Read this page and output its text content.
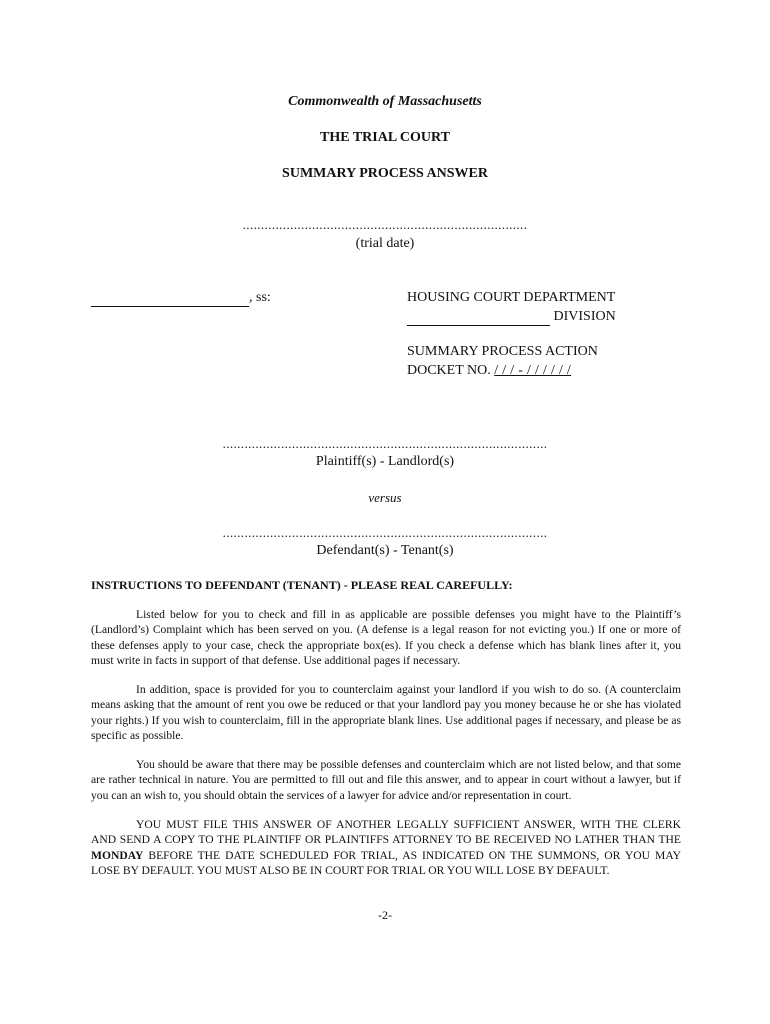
Commonwealth of Massachusetts
THE TRIAL COURT
SUMMARY PROCESS ANSWER
..............................................................................
(trial date)
, ss:	HOUSING COURT DEPARTMENT
DIVISION
SUMMARY PROCESS ACTION
DOCKET NO. / / / - / / / / / /
.........................................................................................
Plaintiff(s) - Landlord(s)
versus
.........................................................................................
Defendant(s) - Tenant(s)
INSTRUCTIONS TO DEFENDANT (TENANT) - PLEASE REAL CAREFULLY:
Listed below for you to check and fill in as applicable are possible defenses you might have to the Plaintiff’s (Landlord’s) Complaint which has been served on you. (A defense is a legal reason for not evicting you.) If one or more of these defenses apply to your case, check the appropriate box(es). If you check a defense which has blank lines after it, you must write in facts in support of that defense. Use additional pages if necessary.
In addition, space is provided for you to counterclaim against your landlord if you wish to do so. (A counterclaim means asking that the amount of rent you owe be reduced or that your landlord pay you money because he or she has violated your rights.) If you wish to counterclaim, fill in the appropriate blank lines. Use additional pages if necessary, and please be as specific as possible.
You should be aware that there may be possible defenses and counterclaim which are not listed below, and that some are rather technical in nature. You are permitted to fill out and file this answer, and to appear in court without a lawyer, but if you can an wish to, you should obtain the services of a lawyer for advice and/or representation in court.
YOU MUST FILE THIS ANSWER OF ANOTHER LEGALLY SUFFICIENT ANSWER, WITH THE CLERK AND SEND A COPY TO THE PLAINTIFF OR PLAINTIFFS ATTORNEY TO BE RECEIVED NO LATHER THAN THE MONDAY BEFORE THE DATE SCHEDULED FOR TRIAL, AS INDICATED ON THE SUMMONS, OR YOU MAY LOSE BY DEFAULT. YOU MUST ALSO BE IN COURT FOR TRIAL OR YOU WILL LOSE BY DEFAULT.
-2-
